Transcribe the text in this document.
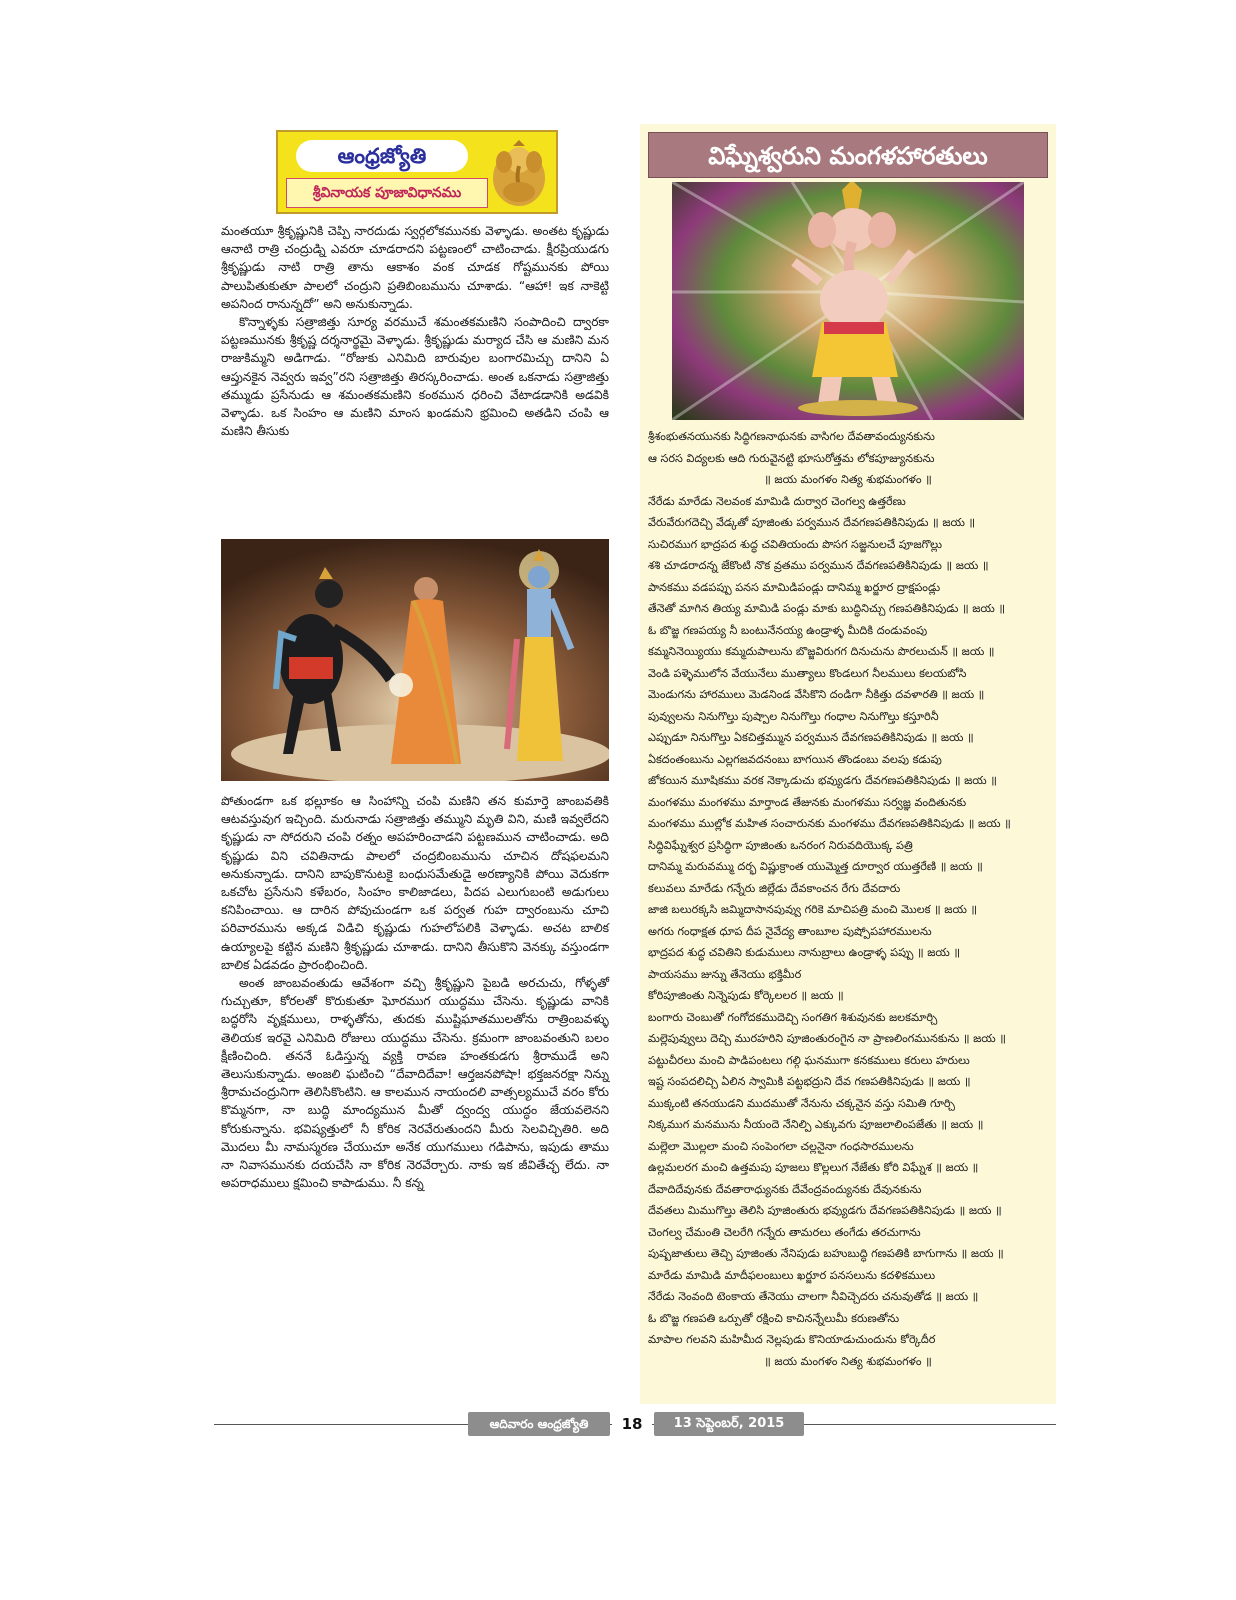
ఆంధ్రజ్యోతి
శ్రీవినాయక పూజావిధానము

మంతయూ శ్రీకృష్ణునికి చెప్పి నారదుడు స్వర్గలోకమునకు వెళ్ళాడు. అంతట కృష్ణుడు ఆనాటి రాత్రి చంద్రుడ్ని ఎవరూ చూడరాదని పట్టణంలో చాటించాడు. క్షీరప్రియుడగు శ్రీకృష్ణుడు నాటి రాత్రి తాను ఆకాశం వంక చూడక గోష్టమునకు పోయి పాలుపితుకుతూ పాలలో చంద్రుని ప్రతిబింబమును చూశాడు. “ఆహా! ఇక నాకెట్టి అపనింద రానున్నదో” అని అనుకున్నాడు.

కొన్నాళ్ళకు సత్రాజిత్తు సూర్య వరముచే శమంతకమణిని సంపాదించి ద్వారకా పట్టణమునకు శ్రీకృష్ణ దర్శనార్థమై వెళ్ళాడు. శ్రీకృష్ణుడు మర్యాద చేసి ఆ మణిని మన రాజుకిమ్మని అడిగాడు. “రోజుకు ఎనిమిది బారువుల బంగారమిచ్చు దానిని ఏ ఆప్తునకైన నెవ్వరు ఇవ్వ”రని సత్రాజిత్తు తిరస్కరించాడు. అంత ఒకనాడు సత్రాజిత్తు తమ్ముడు ప్రసేనుడు ఆ శమంతకమణిని కంఠమున ధరించి వేటాడడానికి అడవికి వెళ్ళాడు. ఒక సింహం ఆ మణిని మాంస ఖండమని భ్రమించి అతడిని చంపి ఆ మణిని తీసుకు

పోతుండగా ఒక భల్లూకం ఆ సింహాన్ని చంపి మణిని తన కుమార్తె జాంబవతికి ఆటవస్తువుగ ఇచ్చింది. మరునాడు సత్రాజిత్తు తమ్ముని మృతి విని, మణి ఇవ్వలేదని కృష్ణుడు నా సోదరుని చంపి రత్నం అపహరించాడని పట్టణమున చాటించాడు. అది కృష్ణుడు విని చవితినాడు పాలలో చంద్రబింబమును చూచిన దోషఫలమని అనుకున్నాడు. దానిని బాపుకొనుటకై బంధుసమేతుడై అరణ్యానికి పోయి వెదుకగా ఒకచోట ప్రసేనుని కళేబరం, సింహం కాలిజాడలు, పిదప ఎలుగుబంటి అడుగులు కనిపించాయి. ఆ దారిన పోవుచుండగా ఒక పర్వత గుహ ద్వారంబును చూచి పరివారమును అక్కడ విడిచి కృష్ణుడు గుహలోపలికి వెళ్ళాడు. అచట బాలిక ఉయ్యాలపై కట్టిన మణిని శ్రీకృష్ణుడు చూశాడు. దానిని తీసుకొని వెనక్కు వస్తుండగా బాలిక ఏడవడం ప్రారంభించింది.

అంత జాంబవంతుడు ఆవేశంగా వచ్చి శ్రీకృష్ణుని పైబడి అరచుచు, గోళ్ళతో గుచ్చుతూ, కోరలతో కొరుకుతూ ఘోరముగ యుద్ధము చేసెను. కృష్ణుడు వానికి బద్ధరోసి వృక్షములు, రాళ్ళతోను, తుదకు ముష్టిఘాతములతోను రాత్రింబవళ్ళు తెలియక ఇరవై ఎనిమిది రోజులు యుద్ధము చేసెను. క్రమంగా జాంబవంతుని బలం క్షీణించింది. తననే ఓడిస్తున్న వ్యక్తి రావణ హంతకుడగు శ్రీరాముడే అని తెలుసుకున్నాడు. అంజలి ఘటించి “దేవాదిదేవా! ఆర్తజనపోషా! భక్తజనరక్షా నిన్ను శ్రీరామచంద్రునిగా తెలిసికొంటిని. ఆ కాలమున నాయందలి వాత్సల్యముచే వరం కోరు కొమ్మనగా, నా బుద్ధి మాంద్యమున మీతో ద్వంద్వ యుద్ధం జేయవలెనని కోరుకున్నాను. భవిష్యత్తులో నీ కోరిక నెరవేరుతుందని మీరు సెలవిచ్చితిరి. అది మొదలు మీ నామస్మరణ చేయుచూ అనేక యుగములు గడిపాను, ఇపుడు తాము నా నివాసమునకు దయచేసి నా కోరిక నెరవేర్చారు. నాకు ఇక జీవితేచ్ఛ లేదు. నా అపరాధములు క్షమించి కాపాడుము. నీ కన్న

విఘ్నేశ్వరుని మంగళహారతులు
శ్రీశంభుతనయునకు సిద్ధిగణనాథునకు వాసిగల దేవతావంద్యునకును
ఆ సరస విద్యలకు ఆది గురువైనట్టి భూసురోత్తమ లోకపూజ్యునకును
॥ జయ మంగళం నిత్య శుభమంగళం ॥
నేరేడు మారేడు నెలవంక మామిడి దుర్వార చెంగల్వ ఉత్తరేణు
వేరువేరుగదెచ్చి వేడ్కతో పూజింతు పర్వమున దేవగణపతికినిపుడు ॥ జయ ॥
సుచిరముగ భాద్రపద శుద్ధ చవితియందు పొసగ సజ్జనులచే పూజగొల్లు
శశి చూడరాదన్న జేకొంటి నొక వ్రతము పర్వమున దేవగణపతికినిపుడు ॥ జయ ॥
పానకము వడపప్పు పనస మామిడిపండ్లు దానిమ్మ ఖర్జూర ద్రాక్షపండ్లు
తేనెతో మాగిన తియ్య మామిడి పండ్లు మాకు బుద్ధినిచ్చు గణపతికినిపుడు ॥ జయ ॥
ఓ బొజ్జ గణపయ్య నీ బంటునేనయ్య ఉండ్రాళ్ళ మీదికి దండువంపు
కమ్మనినెయ్యియు కమ్మదుపాలును బొజ్జవిరుగగ దినుచును పొరలుచున్ ॥ జయ ॥
వెండి పళ్ళెములోన వేయునేలు ముత్యాలు కొండలుగ నీలములు కలయబోసి
మెండుగను హారములు మెడనిండ వేసికొని దండిగా నీకిత్తు దవళారతి ॥ జయ ॥
పువ్వులను నినుగొల్తు పుష్పాల నినుగొల్తు గంధాల నినుగొల్తు కస్తూరినీ
ఎప్పుడూ నినుగొల్తు ఏకచిత్తమ్మున పర్వమున దేవగణపతికినిపుడు ॥ జయ ॥
ఏకదంతంబును ఎల్లగజవదనంబు బాగయిన తొండంబు వలపు కడుపు
జోకయిన మూషికము వరక నెక్కాడుచు భవ్యుడగు దేవగణపతికినిపుడు ॥ జయ ॥
మంగళము మంగళము మార్తాండ తేజునకు మంగళము సర్వజ్ఞ వందితునకు
మంగళము ముల్లోక మహిత సంచారునకు మంగళము దేవగణపతికినిపుడు ॥ జయ ॥
సిద్ధివిఘ్నేశ్వర ప్రసిద్ధిగా పూజింతు ఒనరంగ నిరువదియొక్క పత్రి
దానిమ్మ మరువమ్ము దర్భ విష్ణుక్రాంత యుమ్మెత్త దూర్వార యుత్తరేణి ॥ జయ ॥
కలువలు మారేడు గన్నేరు జిల్లేడు దేవకాంచన రేగు దేవదారు
జాజి బలురక్కసి జమ్మిదాసానపువ్వు గరికె మాచిపత్రి మంచి మొలక ॥ జయ ॥
అగరు గంధాక్షత ధూప దీప నైవేద్య తాంబూల పుష్పోపహారములను
భాద్రపద శుద్ధ చవితిని కుడుములు నానుబ్రాలు ఉండ్రాళ్ళ పప్పు ॥ జయ ॥
పాయసము జున్ను తేనెయు భక్తిమీర
కోరిపూజింతు నిన్నెపుడు కోర్కెలలర ॥ జయ ॥
బంగారు చెంబుతో గంగోదకముదెచ్చి సంగతిగ శిశువునకు జలకమార్చి
మల్లెపువ్వులు దెచ్చి మురహరిని పూజింతురంగైన నా ప్రాణలింగమునకును ॥ జయ ॥
పట్టుచీరలు మంచి పాడిపంటలు గల్గి ఘనముగా కనకములు కరులు హరులు
ఇష్ట సంపదలిచ్చి ఏలిన స్వామికి పట్టభద్రుని దేవ గణపతికినిపుడు ॥ జయ ॥
ముక్కంటి తనయుడని ముదముతో నేనును చక్కనైన వస్తు సమితి గూర్చి
నిక్కముగ మనమును నీయందె నేనిల్పి ఎక్కువగు పూజలాలింపజేతు ॥ జయ ॥
మల్లెలా మొల్లలా మంచి సంపెంగలా చల్లనైనా గంధసారములను
ఉల్లమలరగ మంచి ఉత్తమపు పూజలు కొల్లలుగ నేజేతు కోరి విఘ్నేశ ॥ జయ ॥
దేవాదిదేవునకు దేవతారాధ్యునకు దేవేంద్రవంద్యునకు దేవునకును
దేవతలు మిముగొల్తు తెలిసి పూజింతురు భవ్యుడగు దేవగణపతికినిపుడు ॥ జయ ॥
చెంగల్వ చేమంతి చెలరేగి గన్నేరు తామరలు తంగేడు తరచుగాను
పుష్పజాతులు తెచ్చి పూజింతు నేనిపుడు బహుబుద్ధి గణపతికి బాగుగాను ॥ జయ ॥
మారేడు మామిడి మాదీఫలంబులు ఖర్జూర పనసలును కదళికములు
నేరేడు నెంవంది టెంకాయ తేనెయు చాలగా నీవిచ్చెదరు చనువుతోడ ॥ జయ ॥
ఓ బొజ్జ గణపతి ఒర్పుతో రక్షించి కాచినన్నేలుమీ కరుణతోను
మాపాల గలవని మహిమీద నెల్లపుడు కొనియాడుచుందును కోర్కెదీర
॥ జయ మంగళం నిత్య శుభమంగళం ॥
ఆదివారం ఆంధ్రజ్యోతి	18	13 సెప్టెంబర్, 2015
